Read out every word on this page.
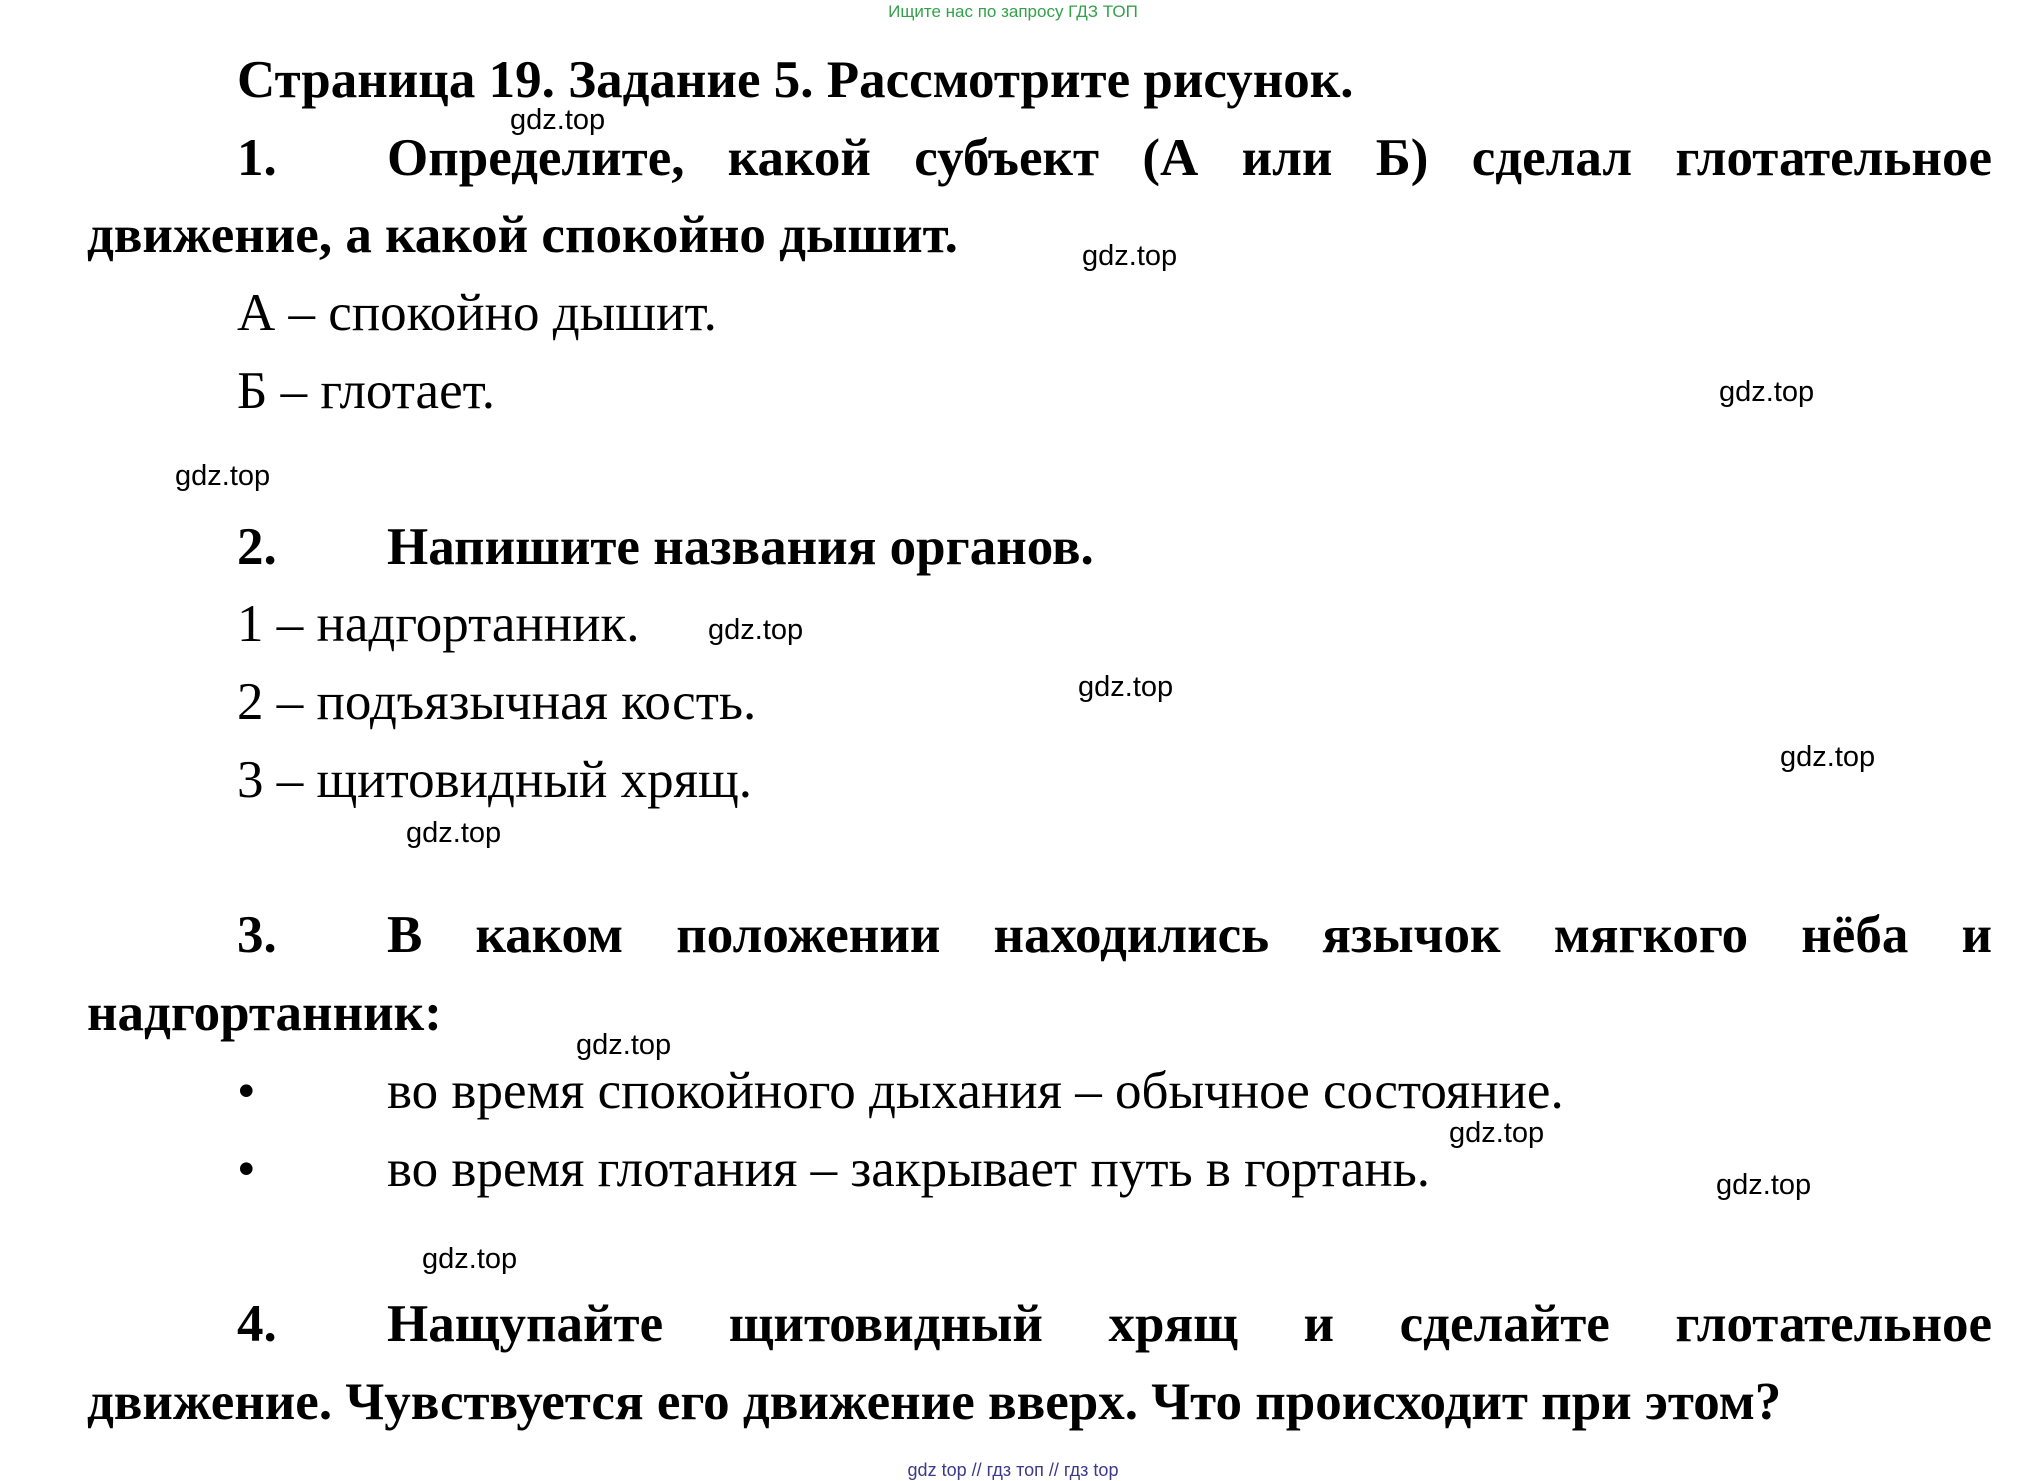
Ищите нас по запросу ГДЗ ТОП
Страница 19. Задание 5. Рассмотрите рисунок.
1. Определите, какой субъект (А или Б) сделал глотательное
движение, а какой спокойно дышит.
А – спокойно дышит.
Б – глотает.
2. Напишите названия органов.
1 – надгортанник.
2 – подъязычная кость.
3 – щитовидный хрящ.
3. В каком положении находились язычок мягкого нёба и
надгортанник:
• во время спокойного дыхания – обычное состояние.
• во время глотания – закрывает путь в гортань.
4. Нащупайте щитовидный хрящ и сделайте глотательное
движение. Чувствуется его движение вверх. Что происходит при этом?
gdz.top
gdz.top
gdz.top
gdz.top
gdz.top
gdz.top
gdz.top
gdz.top
gdz.top
gdz.top
gdz.top
gdz.top
gdz top // гдз топ // гдз top
